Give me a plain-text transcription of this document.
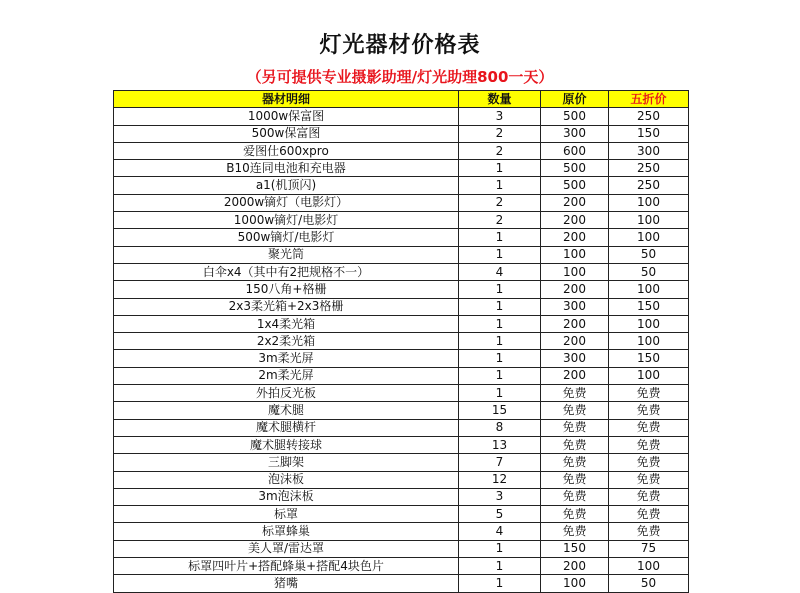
灯光器材价格表
（另可提供专业摄影助理/灯光助理800一天）
器材明细	数量	原价	五折价
1000w保富图	3	500	250
500w保富图	2	300	150
爱图仕600xpro	2	600	300
B10连同电池和充电器	1	500	250
a1(机顶闪)	1	500	250
2000w镝灯（电影灯）	2	200	100
1000w镝灯/电影灯	2	200	100
500w镝灯/电影灯	1	200	100
聚光筒	1	100	50
白伞x4（其中有2把规格不一）	4	100	50
150八角+格栅	1	200	100
2x3柔光箱+2x3格栅	1	300	150
1x4柔光箱	1	200	100
2x2柔光箱	1	200	100
3m柔光屏	1	300	150
2m柔光屏	1	200	100
外拍反光板	1	免费	免费
魔术腿	15	免费	免费
魔术腿横杆	8	免费	免费
魔术腿转接球	13	免费	免费
三脚架	7	免费	免费
泡沫板	12	免费	免费
3m泡沫板	3	免费	免费
标罩	5	免费	免费
标罩蜂巢	4	免费	免费
美人罩/雷达罩	1	150	75
标罩四叶片+搭配蜂巢+搭配4块色片	1	200	100
猪嘴	1	100	50
